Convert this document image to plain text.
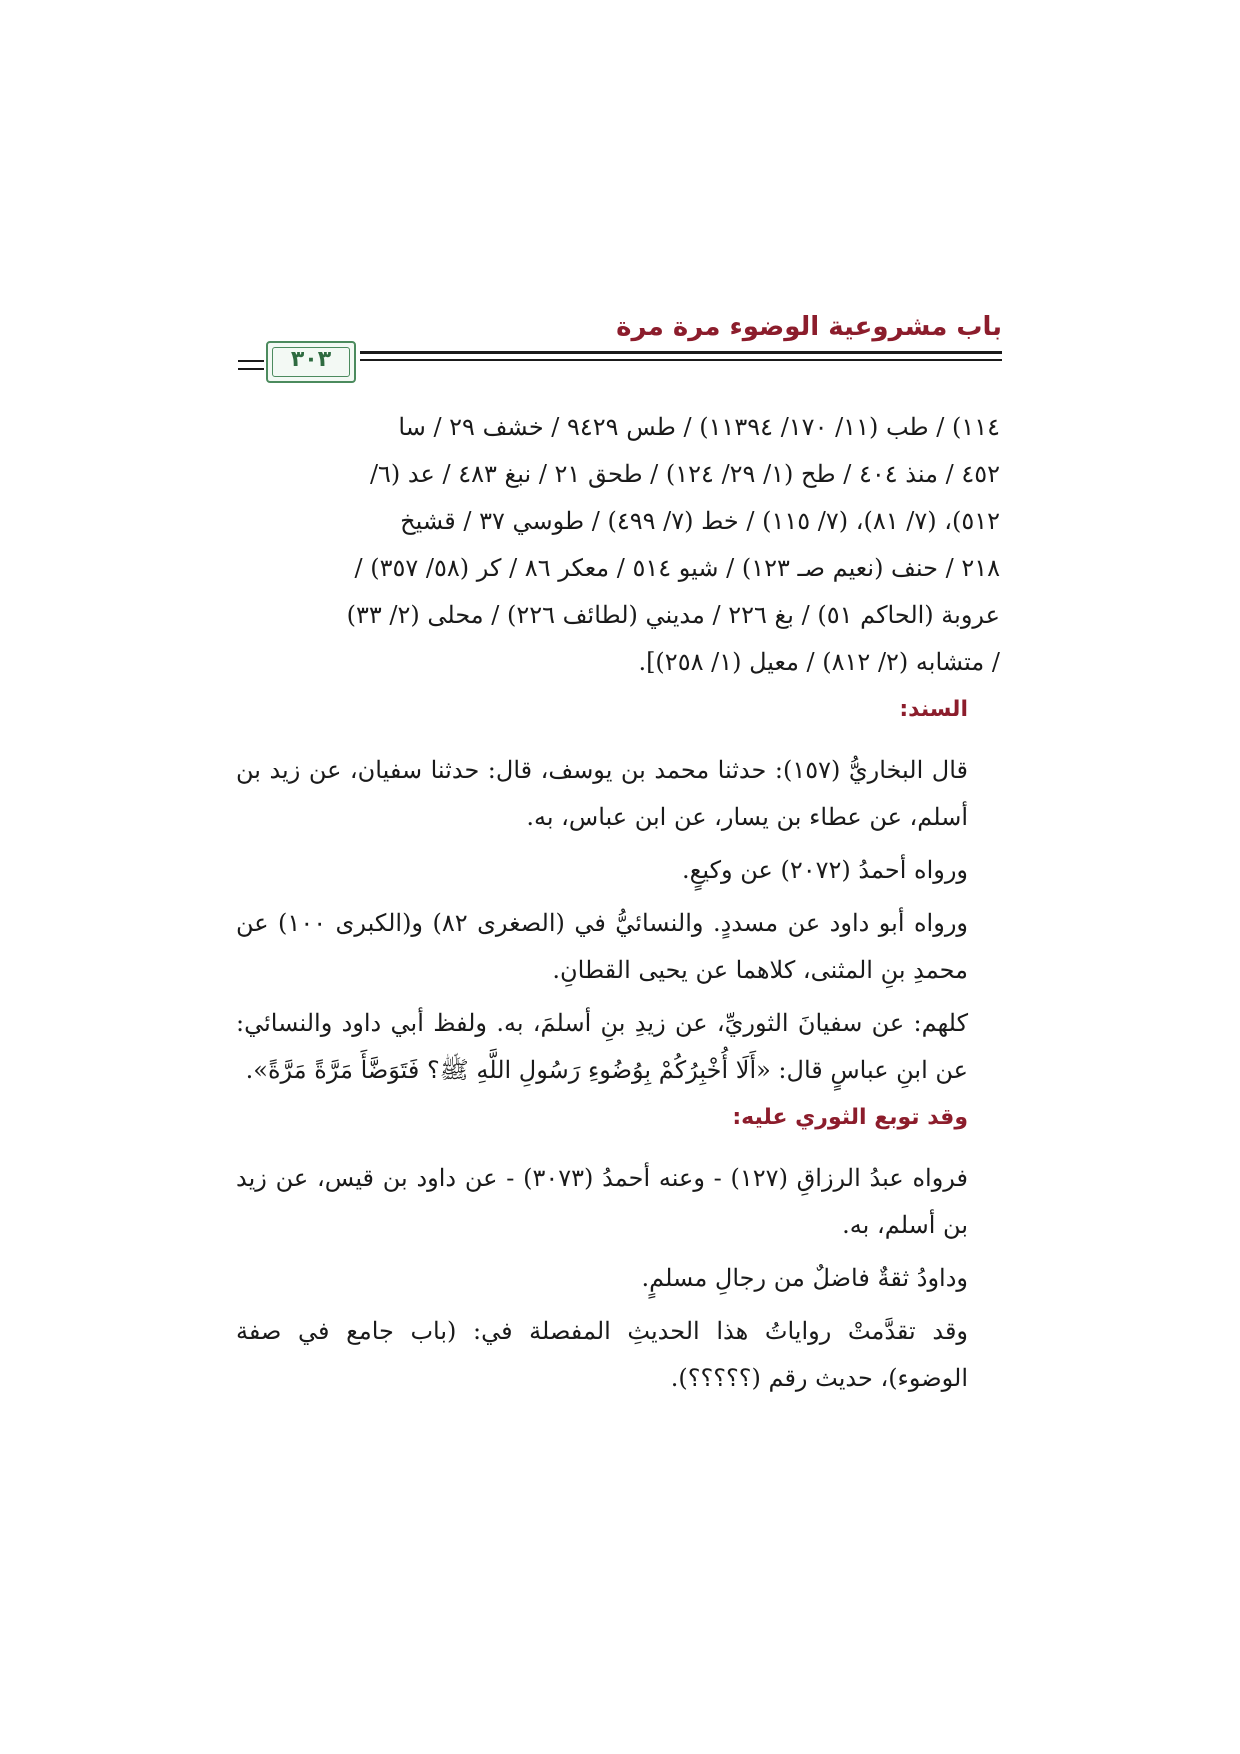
باب مشروعية الوضوء مرة مرة
٣٠٣

١١٤) / طب (١١/ ١٧٠/ ١١٣٩٤) / طس ٩٤٢٩ / خشف ٢٩ / سا

٤٥٢ / منذ ٤٠٤ / طح (١/ ٢٩/ ١٢٤) / طحق ٢١ / نبغ ٤٨٣ / عد (٦/

٥١٢)، (٧/ ٨١)، (٧/ ١١٥) / خط (٧/ ٤٩٩) / طوسي ٣٧ / قشيخ

٢١٨ / حنف (نعيم صـ ١٢٣) / شيو ٥١٤ / معكر ٨٦ / كر (٥٨/ ٣٥٧) /

عروبة (الحاكم ٥١) / بغ ٢٢٦ / مديني (لطائف ٢٢٦) / محلى (٢/ ٣٣)

/ متشابه (٢/ ٨١٢) / معيل (١/ ٢٥٨)].

السند:

قال البخاريُّ (١٥٧): حدثنا محمد بن يوسف، قال: حدثنا سفيان، عن زيد بن أسلم، عن عطاء بن يسار، عن ابن عباس، به.

ورواه أحمدُ (٢٠٧٢) عن وكيعٍ.

ورواه أبو داود عن مسددٍ. والنسائيُّ في (الصغرى ٨٢) و(الكبرى ١٠٠) عن محمدِ بنِ المثنى، كلاهما عن يحيى القطانِ.

كلهم: عن سفيانَ الثوريِّ، عن زيدِ بنِ أسلمَ، به. ولفظ أبي داود والنسائي: عن ابنِ عباسٍ قال: «أَلَا أُخْبِرُكُمْ بِوُضُوءِ رَسُولِ اللَّهِ ﷺ؟ فَتَوَضَّأَ مَرَّةً مَرَّةً».

وقد توبع الثوري عليه:

فرواه عبدُ الرزاقِ (١٢٧) - وعنه أحمدُ (٣٠٧٣) - عن داود بن قيس، عن زيد بن أسلم، به.

وداودُ ثقةٌ فاضلٌ من رجالِ مسلمٍ.

وقد تقدَّمتْ رواياتُ هذا الحديثِ المفصلة في: (باب جامع في صفة الوضوء)، حديث رقم (؟؟؟؟؟).
